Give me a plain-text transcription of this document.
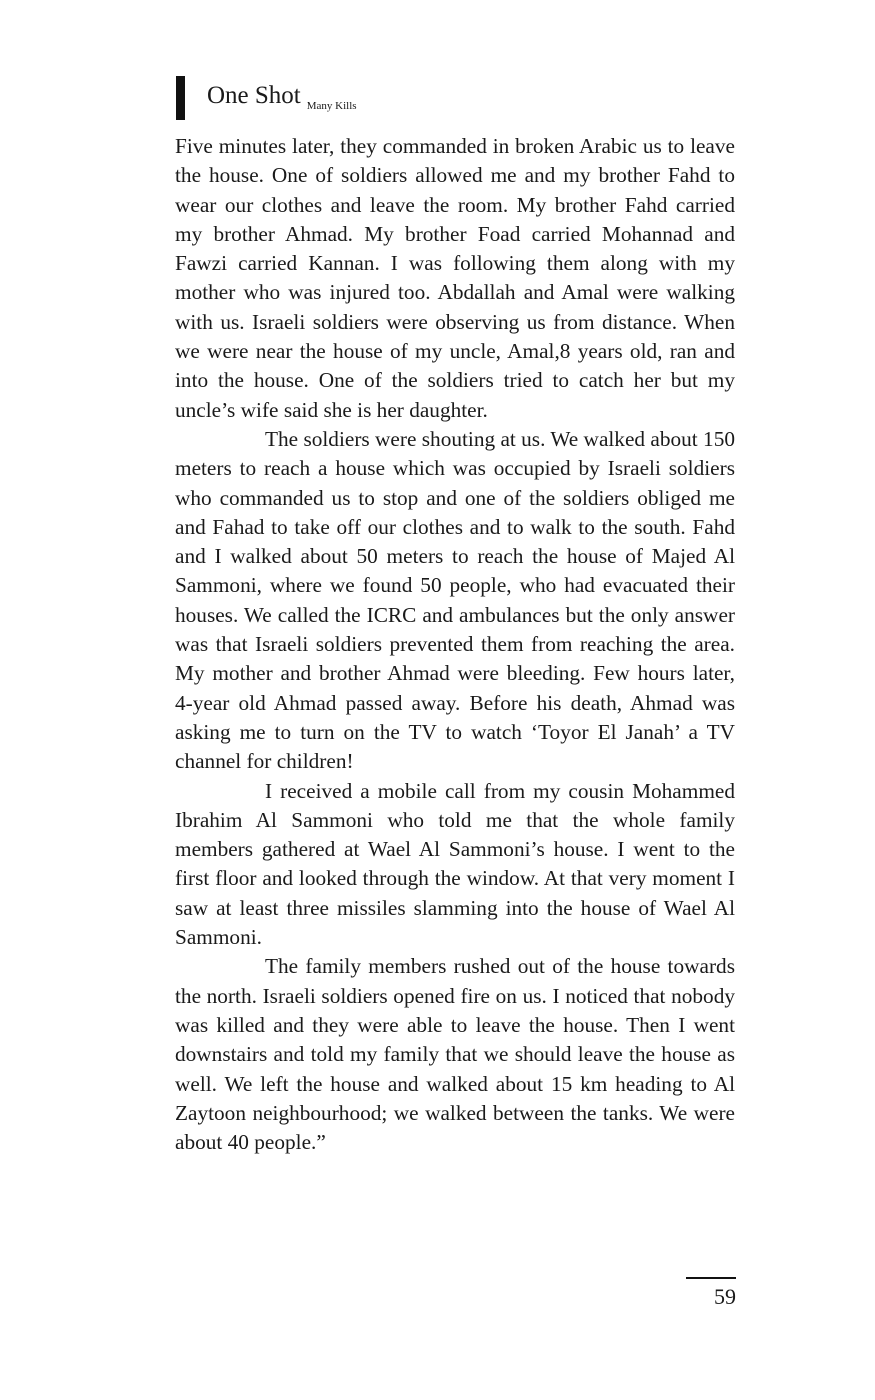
One Shot Many Kills

Five minutes later, they commanded in broken Arabic us to leave the house. One of soldiers allowed me and my brother Fahd to wear our clothes and leave the room. My brother Fahd carried my brother Ahmad. My brother Foad carried Mohannad and Fawzi carried Kannan. I was following them along with my mother who was injured too. Abdallah and Amal were walking with us. Israeli soldiers were observing us from distance. When we were near the house of my uncle, Amal,8 years old, ran and into the house. One of the soldiers tried to catch her but my uncle’s wife said she is her daughter.

The soldiers were shouting at us. We walked about 150 meters to reach a house which was occupied by Israeli soldiers who commanded us to stop and one of the soldiers obliged me and Fahad to take off our clothes and to walk to the south. Fahd and I walked about 50 meters to reach the house of Majed Al Sammoni, where we found 50 people, who had evacuated their houses. We called the ICRC and ambulances but the only answer was that Israeli soldiers prevented them from reaching the area. My mother and brother Ahmad were bleeding. Few hours later, 4-year old Ahmad passed away. Before his death, Ahmad was asking me to turn on the TV to watch ‘Toyor El Janah’ a TV channel for children!

I received a mobile call from my cousin Mohammed Ibrahim Al Sammoni who told me that the whole family members gathered at Wael Al Sammoni’s house. I went to the first floor and looked through the window. At that very moment I saw at least three missiles slamming into the house of Wael Al Sammoni.

The family members rushed out of the house towards the north. Israeli soldiers opened fire on us. I noticed that nobody was killed and they were able to leave the house. Then I went downstairs and told my family that we should leave the house as well. We left the house and walked about 15 km heading to Al Zaytoon neighbourhood; we walked between the tanks. We were about 40 people.”

59
